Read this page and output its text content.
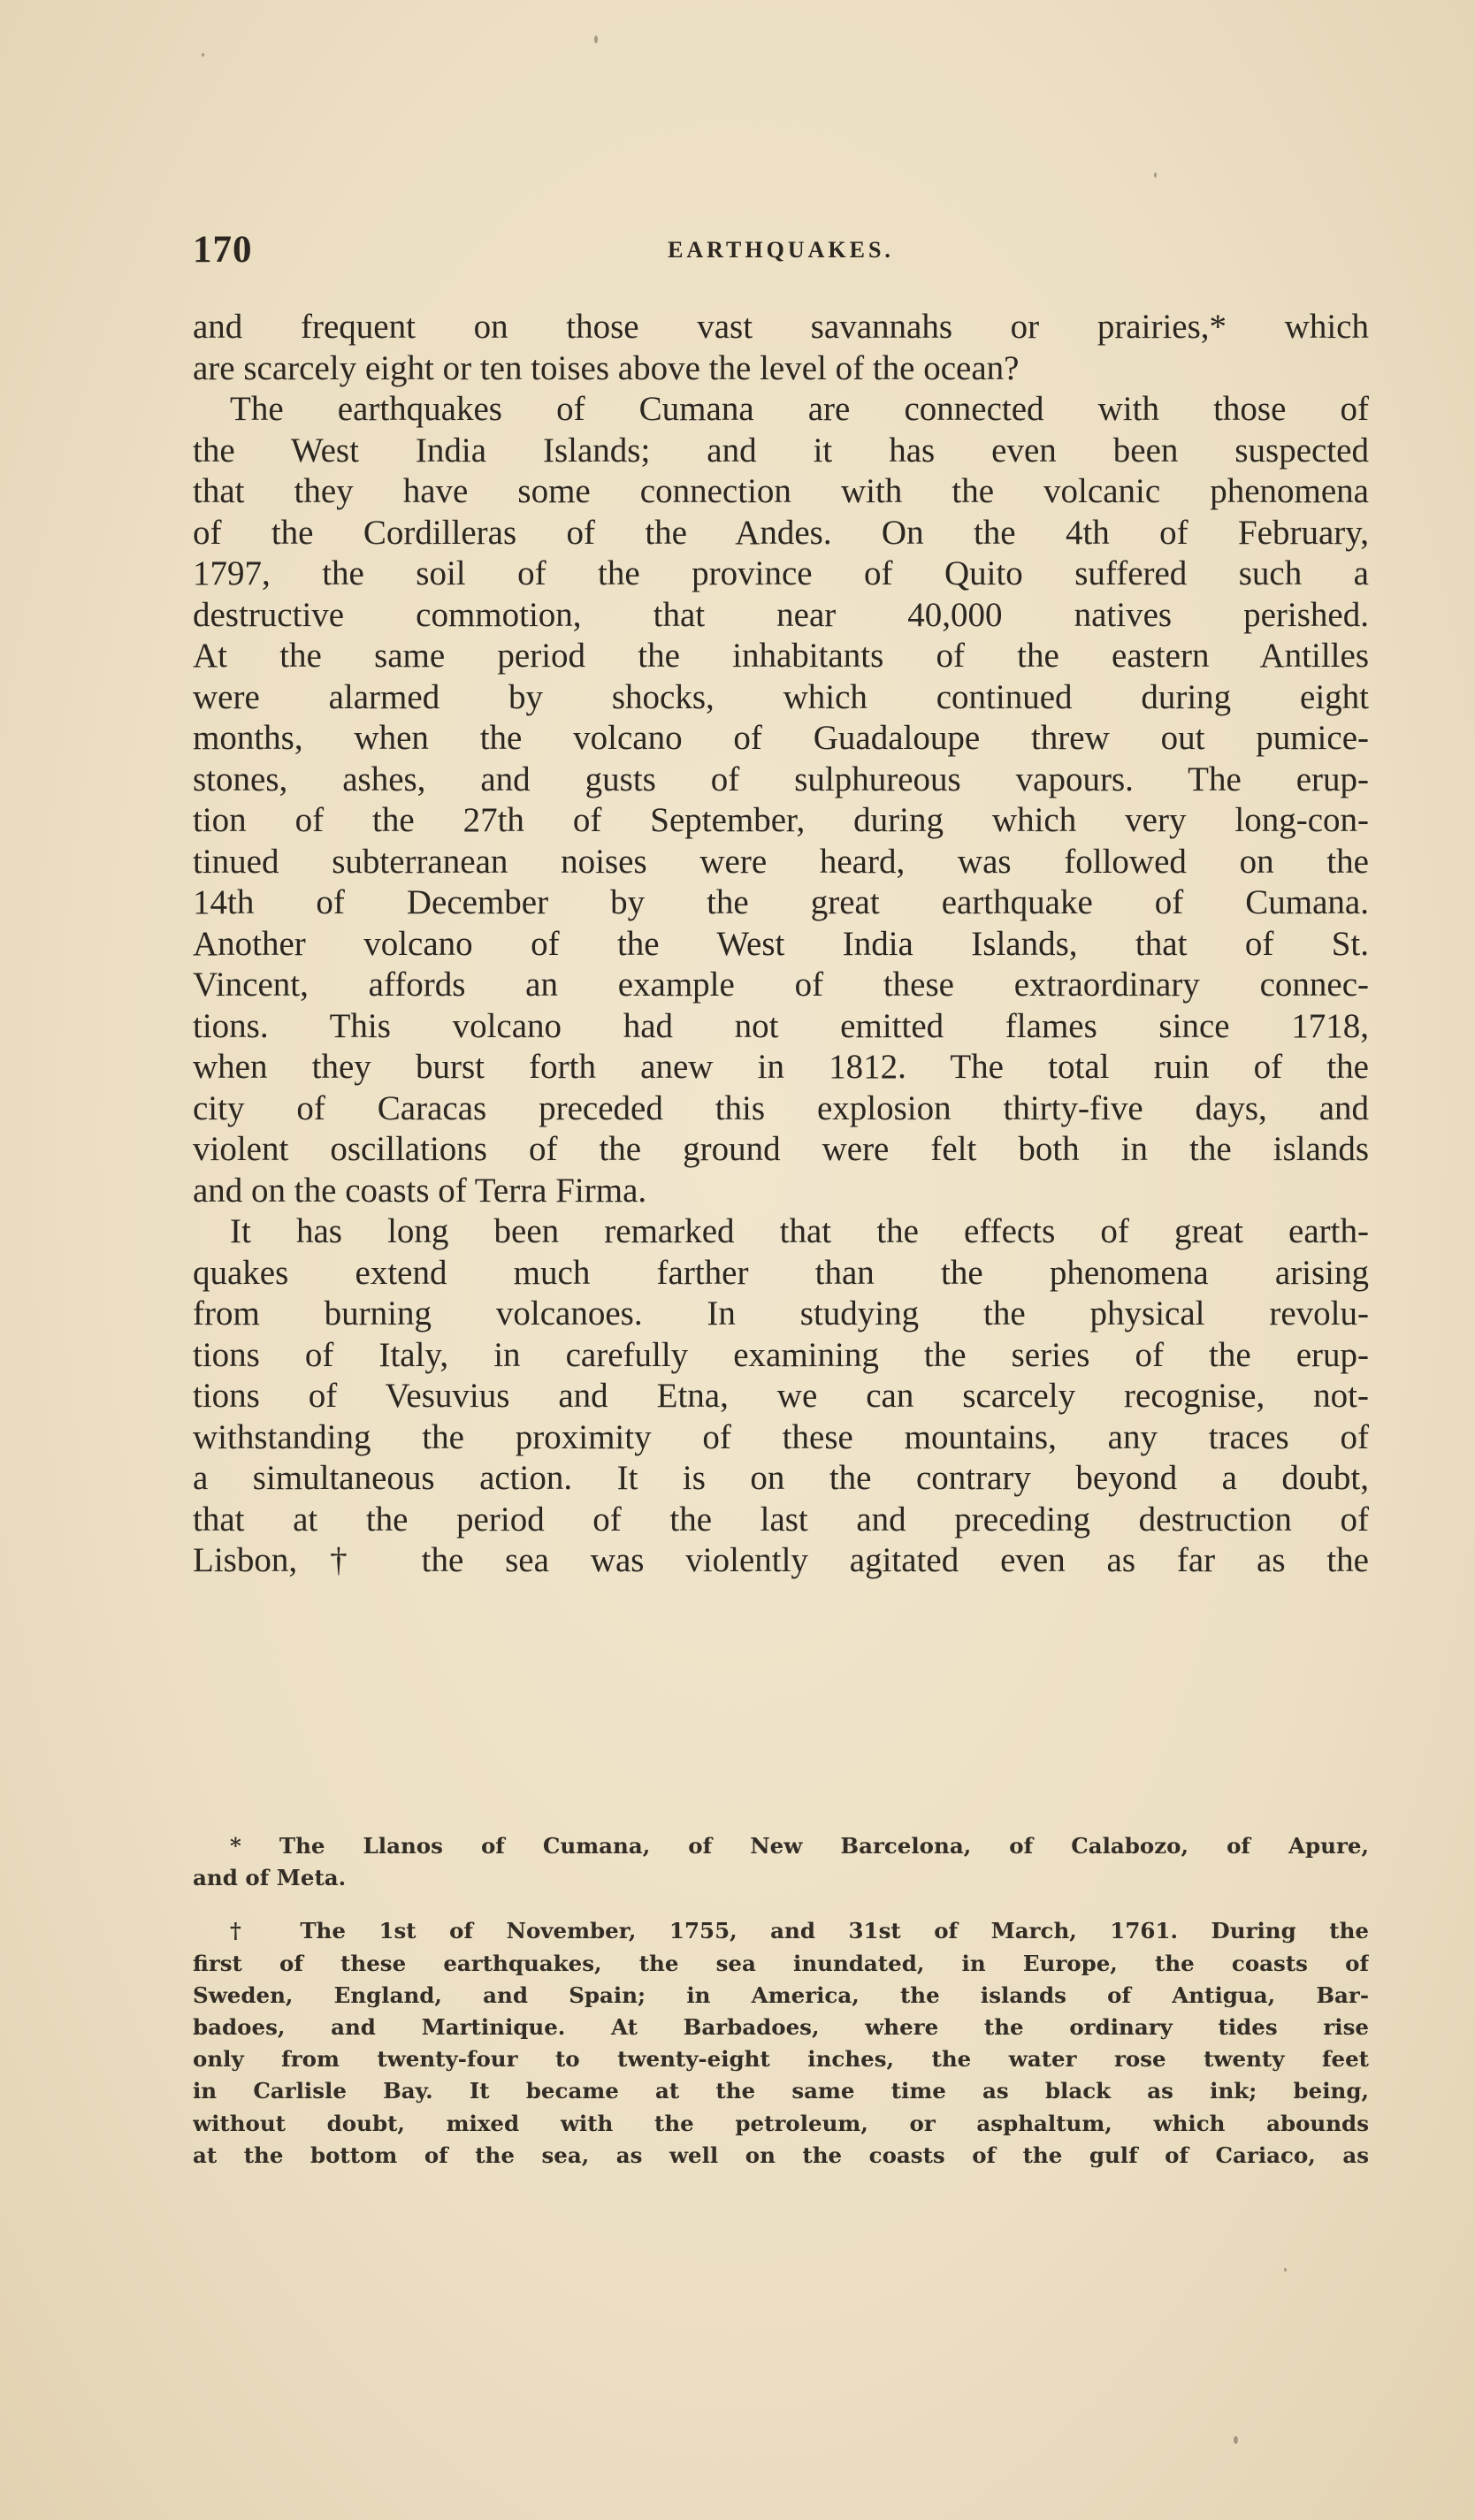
170	EARTHQUAKES.
and frequent on those vast savannahs or prairies,* which
are scarcely eight or ten toises above the level of the ocean?
The earthquakes of Cumana are connected with those of
the West India Islands; and it has even been suspected
that they have some connection with the volcanic phenomena
of the Cordilleras of the Andes. On the 4th of February,
1797, the soil of the province of Quito suffered such a
destructive commotion, that near 40,000 natives perished.
At the same period the inhabitants of the eastern Antilles
were alarmed by shocks, which continued during eight
months, when the volcano of Guadaloupe threw out pumice-
stones, ashes, and gusts of sulphureous vapours. The erup-
tion of the 27th of September, during which very long-con-
tinued subterranean noises were heard, was followed on the
14th of December by the great earthquake of Cumana.
Another volcano of the West India Islands, that of St.
Vincent, affords an example of these extraordinary connec-
tions. This volcano had not emitted flames since 1718,
when they burst forth anew in 1812. The total ruin of the
city of Caracas preceded this explosion thirty-five days, and
violent oscillations of the ground were felt both in the islands
and on the coasts of Terra Firma.
It has long been remarked that the effects of great earth-
quakes extend much farther than the phenomena arising
from burning volcanoes. In studying the physical revolu-
tions of Italy, in carefully examining the series of the erup-
tions of Vesuvius and Etna, we can scarcely recognise, not-
withstanding the proximity of these mountains, any traces of
a simultaneous action. It is on the contrary beyond a doubt,
that at the period of the last and preceding destruction of
Lisbon,† the sea was violently agitated even as far as the
* The Llanos of Cumana, of New Barcelona, of Calabozo, of Apure,
and of Meta.
† The 1st of November, 1755, and 31st of March, 1761. During the
first of these earthquakes, the sea inundated, in Europe, the coasts of
Sweden, England, and Spain; in America, the islands of Antigua, Bar-
badoes, and Martinique. At Barbadoes, where the ordinary tides rise
only from twenty-four to twenty-eight inches, the water rose twenty feet
in Carlisle Bay. It became at the same time as black as ink; being,
without doubt, mixed with the petroleum, or asphaltum, which abounds
at the bottom of the sea, as well on the coasts of the gulf of Cariaco, as
